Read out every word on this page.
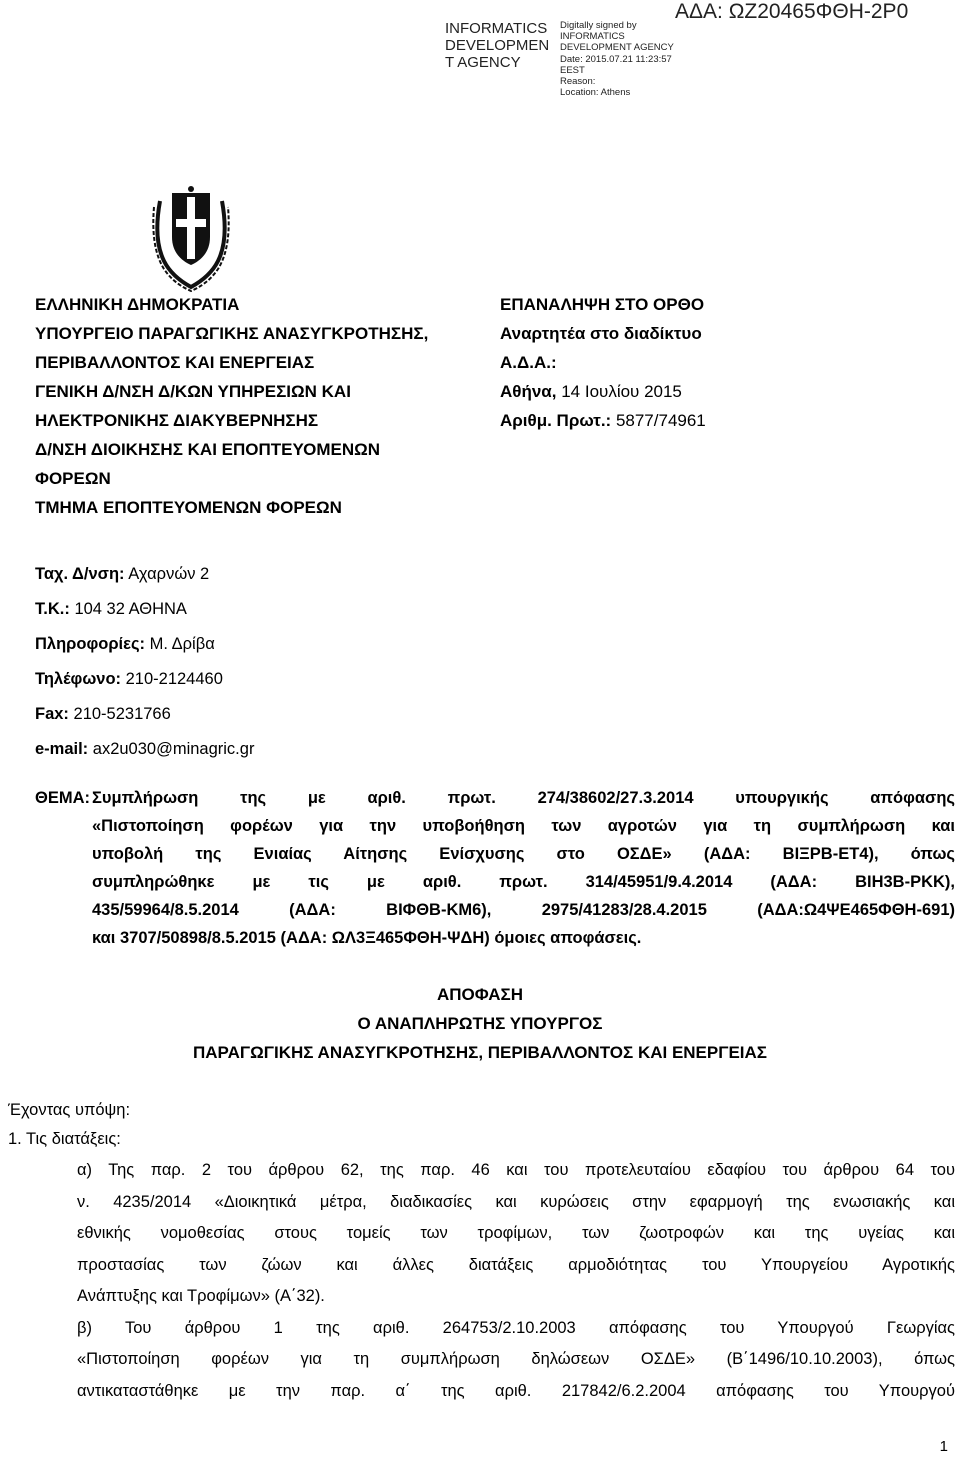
INFORMATICS
DEVELOPMEN
T AGENCY
Digitally signed by
INFORMATICS
DEVELOPMENT AGENCY
Date: 2015.07.21 11:23:57
EEST
Reason:
Location: Athens
ΑΔΑ: ΩΖ20465ΦΘΗ-2Ρ0
ΕΛΛΗΝΙΚΗ ΔΗΜΟΚΡΑΤΙΑ
ΥΠΟΥΡΓΕΙΟ ΠΑΡΑΓΩΓΙΚΗΣ ΑΝΑΣΥΓΚΡΟΤΗΣΗΣ,
ΠΕΡΙΒΑΛΛΟΝΤΟΣ ΚΑΙ ΕΝΕΡΓΕΙΑΣ
ΓΕΝΙΚΗ Δ/ΝΣΗ Δ/ΚΩΝ ΥΠΗΡΕΣΙΩΝ ΚΑΙ
ΗΛΕΚΤΡΟΝΙΚΗΣ ΔΙΑΚΥΒΕΡΝΗΣΗΣ
Δ/ΝΣΗ ΔΙΟΙΚΗΣΗΣ ΚΑΙ ΕΠΟΠΤΕΥΟΜΕΝΩΝ
ΦΟΡΕΩΝ
ΤΜΗΜΑ ΕΠΟΠΤΕΥΟΜΕΝΩΝ ΦΟΡΕΩΝ
ΕΠΑΝΑΛΗΨΗ ΣΤΟ ΟΡΘΟ
Αναρτητέα στο διαδίκτυο
Α.Δ.Α.:
Αθήνα, 14 Ιουλίου 2015
Αριθμ. Πρωτ.: 5877/74961
Ταχ. Δ/νση: Αχαρνών 2
Τ.Κ.: 104 32 ΑΘΗΝΑ
Πληροφορίες: Μ. Δρίβα
Τηλέφωνο: 210-2124460
Fax: 210-5231766
e-mail: ax2u030@minagric.gr
ΘΕΜΑ: Συμπλήρωση της με αριθ. πρωτ. 274/38602/27.3.2014 υπουργικής απόφασης
«Πιστοποίηση φορέων για την υποβοήθηση των αγροτών για τη συμπλήρωση και
υποβολή της Ενιαίας Αίτησης Ενίσχυσης στο ΟΣΔΕ» (ΑΔΑ: ΒΙΞΡΒ-ΕΤ4), όπως
συμπληρώθηκε με τις με αριθ. πρωτ. 314/45951/9.4.2014 (ΑΔΑ: ΒΙΗ3Β-ΡΚΚ),
435/59964/8.5.2014 (ΑΔΑ: ΒΙΦΘΒ-ΚΜ6), 2975/41283/28.4.2015 (ΑΔΑ:Ω4ΨΕ465ΦΘΗ-691)
και 3707/50898/8.5.2015 (ΑΔΑ: ΩΛ3Ξ465ΦΘΗ-ΨΔΗ) όμοιες αποφάσεις.
ΑΠΟΦΑΣΗ
Ο ΑΝΑΠΛΗΡΩΤΗΣ ΥΠΟΥΡΓΟΣ
ΠΑΡΑΓΩΓΙΚΗΣ ΑΝΑΣΥΓΚΡΟΤΗΣΗΣ, ΠΕΡΙΒΑΛΛΟΝΤΟΣ ΚΑΙ ΕΝΕΡΓΕΙΑΣ
Έχοντας υπόψη:
1. Τις διατάξεις:
α) Της παρ. 2 του άρθρου 62, της παρ. 46 και του προτελευταίου εδαφίου του άρθρου 64 του
ν. 4235/2014 «Διοικητικά μέτρα, διαδικασίες και κυρώσεις στην εφαρμογή της ενωσιακής και
εθνικής νομοθεσίας στους τομείς των τροφίμων, των ζωοτροφών και της υγείας και
προστασίας των ζώων και άλλες διατάξεις αρμοδιότητας του Υπουργείου Αγροτικής
Ανάπτυξης και Τροφίμων» (Α΄32).
β) Του άρθρου 1 της αριθ. 264753/2.10.2003 απόφασης του Υπουργού Γεωργίας
«Πιστοποίηση φορέων για τη συμπλήρωση δηλώσεων ΟΣΔΕ» (Β΄1496/10.10.2003), όπως
αντικαταστάθηκε με την παρ. α΄ της αριθ. 217842/6.2.2004 απόφασης του Υπουργού
1
